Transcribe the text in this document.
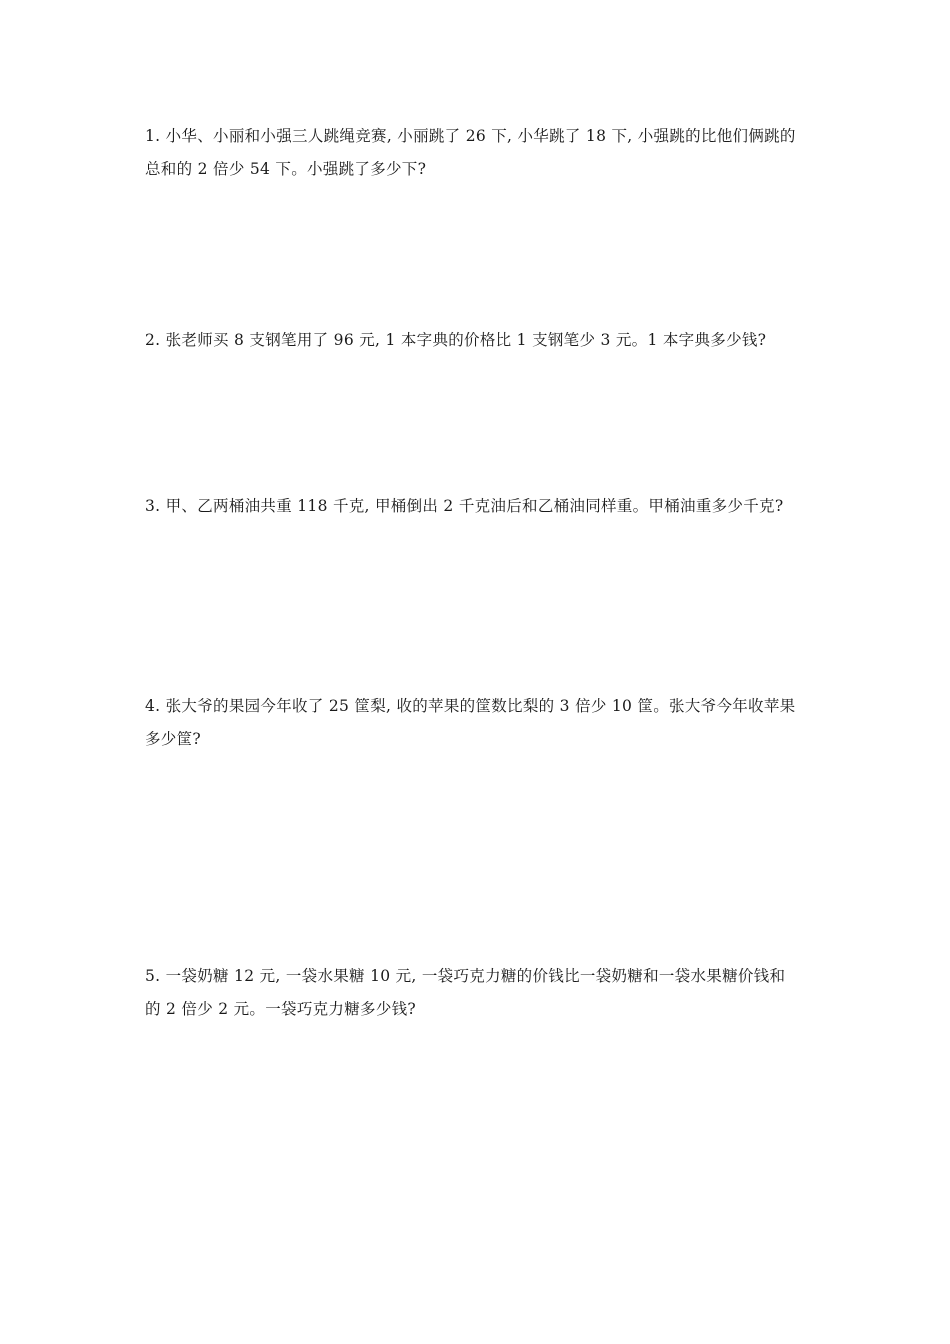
1. 小华、小丽和小强三人跳绳竞赛, 小丽跳了 26 下, 小华跳了 18 下, 小强跳的比他们俩跳的

总和的 2 倍少 54 下。小强跳了多少下?

2. 张老师买 8 支钢笔用了 96 元, 1 本字典的价格比 1 支钢笔少 3 元。1 本字典多少钱?

3. 甲、乙两桶油共重 118 千克, 甲桶倒出 2 千克油后和乙桶油同样重。甲桶油重多少千克?

4. 张大爷的果园今年收了 25 筐梨, 收的苹果的筐数比梨的 3 倍少 10 筐。张大爷今年收苹果

多少筐?

5. 一袋奶糖 12 元, 一袋水果糖 10 元, 一袋巧克力糖的价钱比一袋奶糖和一袋水果糖价钱和

的 2 倍少 2 元。一袋巧克力糖多少钱?
